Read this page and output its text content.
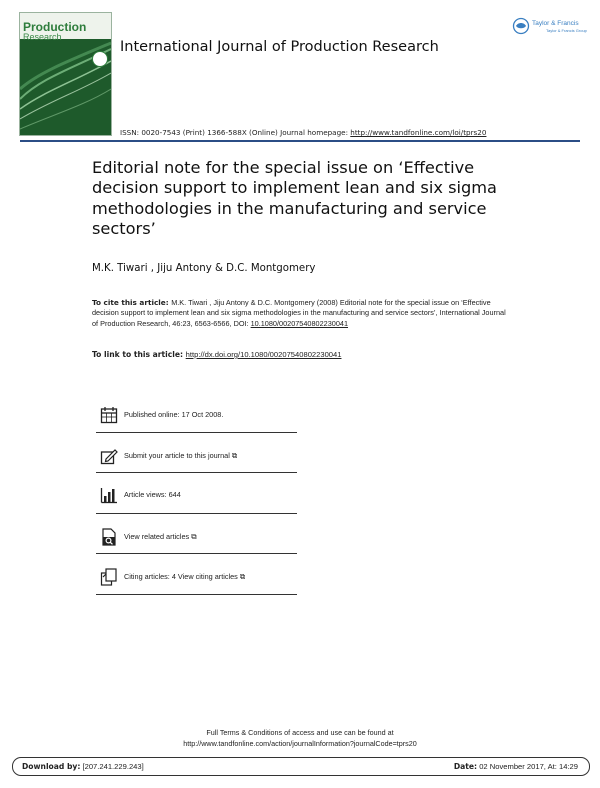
Production
Research
International Journal of Production Research
ISSN: 0020-7543 (Print) 1366-588X (Online) Journal homepage: http://www.tandfonline.com/loi/tprs20
Taylor & Francis
Taylor & Francis Group
Editorial note for the special issue on ‘Effective decision support to implement lean and six sigma methodologies in the manufacturing and service sectors’
M.K. Tiwari , Jiju Antony & D.C. Montgomery
To cite this article: M.K. Tiwari , Jiju Antony & D.C. Montgomery (2008) Editorial note for the special issue on ‘Effective decision support to implement lean and six sigma methodologies in the manufacturing and service sectors’, International Journal of Production Research, 46:23, 6563-6566, DOI: 10.1080/00207540802230041
To link to this article: http://dx.doi.org/10.1080/00207540802230041
Published online: 17 Oct 2008.
Submit your article to this journal ⧉
Article views: 644
View related articles ⧉
Citing articles: 4 View citing articles ⧉
Full Terms & Conditions of access and use can be found at
http://www.tandfonline.com/action/journalInformation?journalCode=tprs20
Download by: [207.241.229.243]	Date: 02 November 2017, At: 14:29
